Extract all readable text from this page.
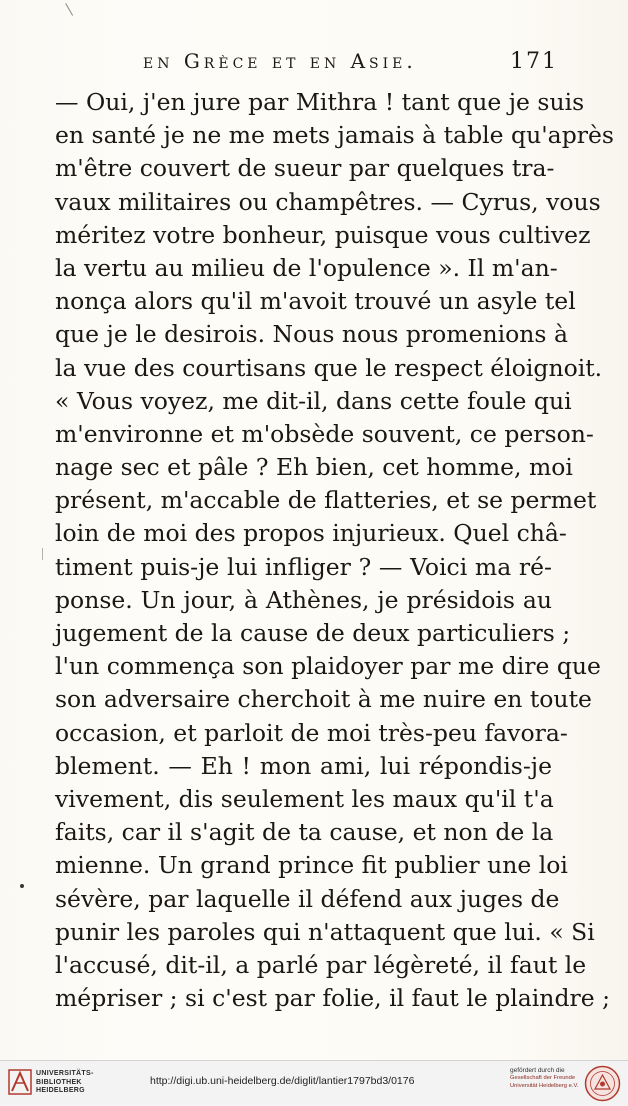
en Grèce et en Asie.	171
— Oui, j'en jure par Mithra ! tant que je suis
en santé je ne me mets jamais à table qu'après
m'être couvert de sueur par quelques tra-
vaux militaires ou champêtres. — Cyrus, vous
méritez votre bonheur, puisque vous cultivez
la vertu au milieu de l'opulence ». Il m'an-
nonça alors qu'il m'avoit trouvé un asyle tel
que je le desirois. Nous nous promenions à
la vue des courtisans que le respect éloignoit.
« Vous voyez, me dit-il, dans cette foule qui
m'environne et m'obsède souvent, ce person-
nage sec et pâle ? Eh bien, cet homme, moi
présent, m'accable de flatteries, et se permet
loin de moi des propos injurieux. Quel châ-
timent puis-je lui infliger ? — Voici ma ré-
ponse. Un jour, à Athènes, je présidois au
jugement de la cause de deux particuliers ;
l'un commença son plaidoyer par me dire que
son adversaire cherchoit à me nuire en toute
occasion, et parloit de moi très-peu favora-
blement. — Eh ! mon ami, lui répondis-je
vivement, dis seulement les maux qu'il t'a
faits, car il s'agit de ta cause, et non de la
mienne. Un grand prince fit publier une loi
sévère, par laquelle il défend aux juges de
punir les paroles qui n'attaquent que lui. « Si
l'accusé, dit-il, a parlé par légèreté, il faut le
mépriser ; si c'est par folie, il faut le plaindre ;
UNIVERSITÄTS-
BIBLIOTHEK
HEIDELBERG
http://digi.ub.uni-heidelberg.de/diglit/lantier1797bd3/0176
gefördert durch die
Gesellschaft der Freunde
Universität Heidelberg e.V.
